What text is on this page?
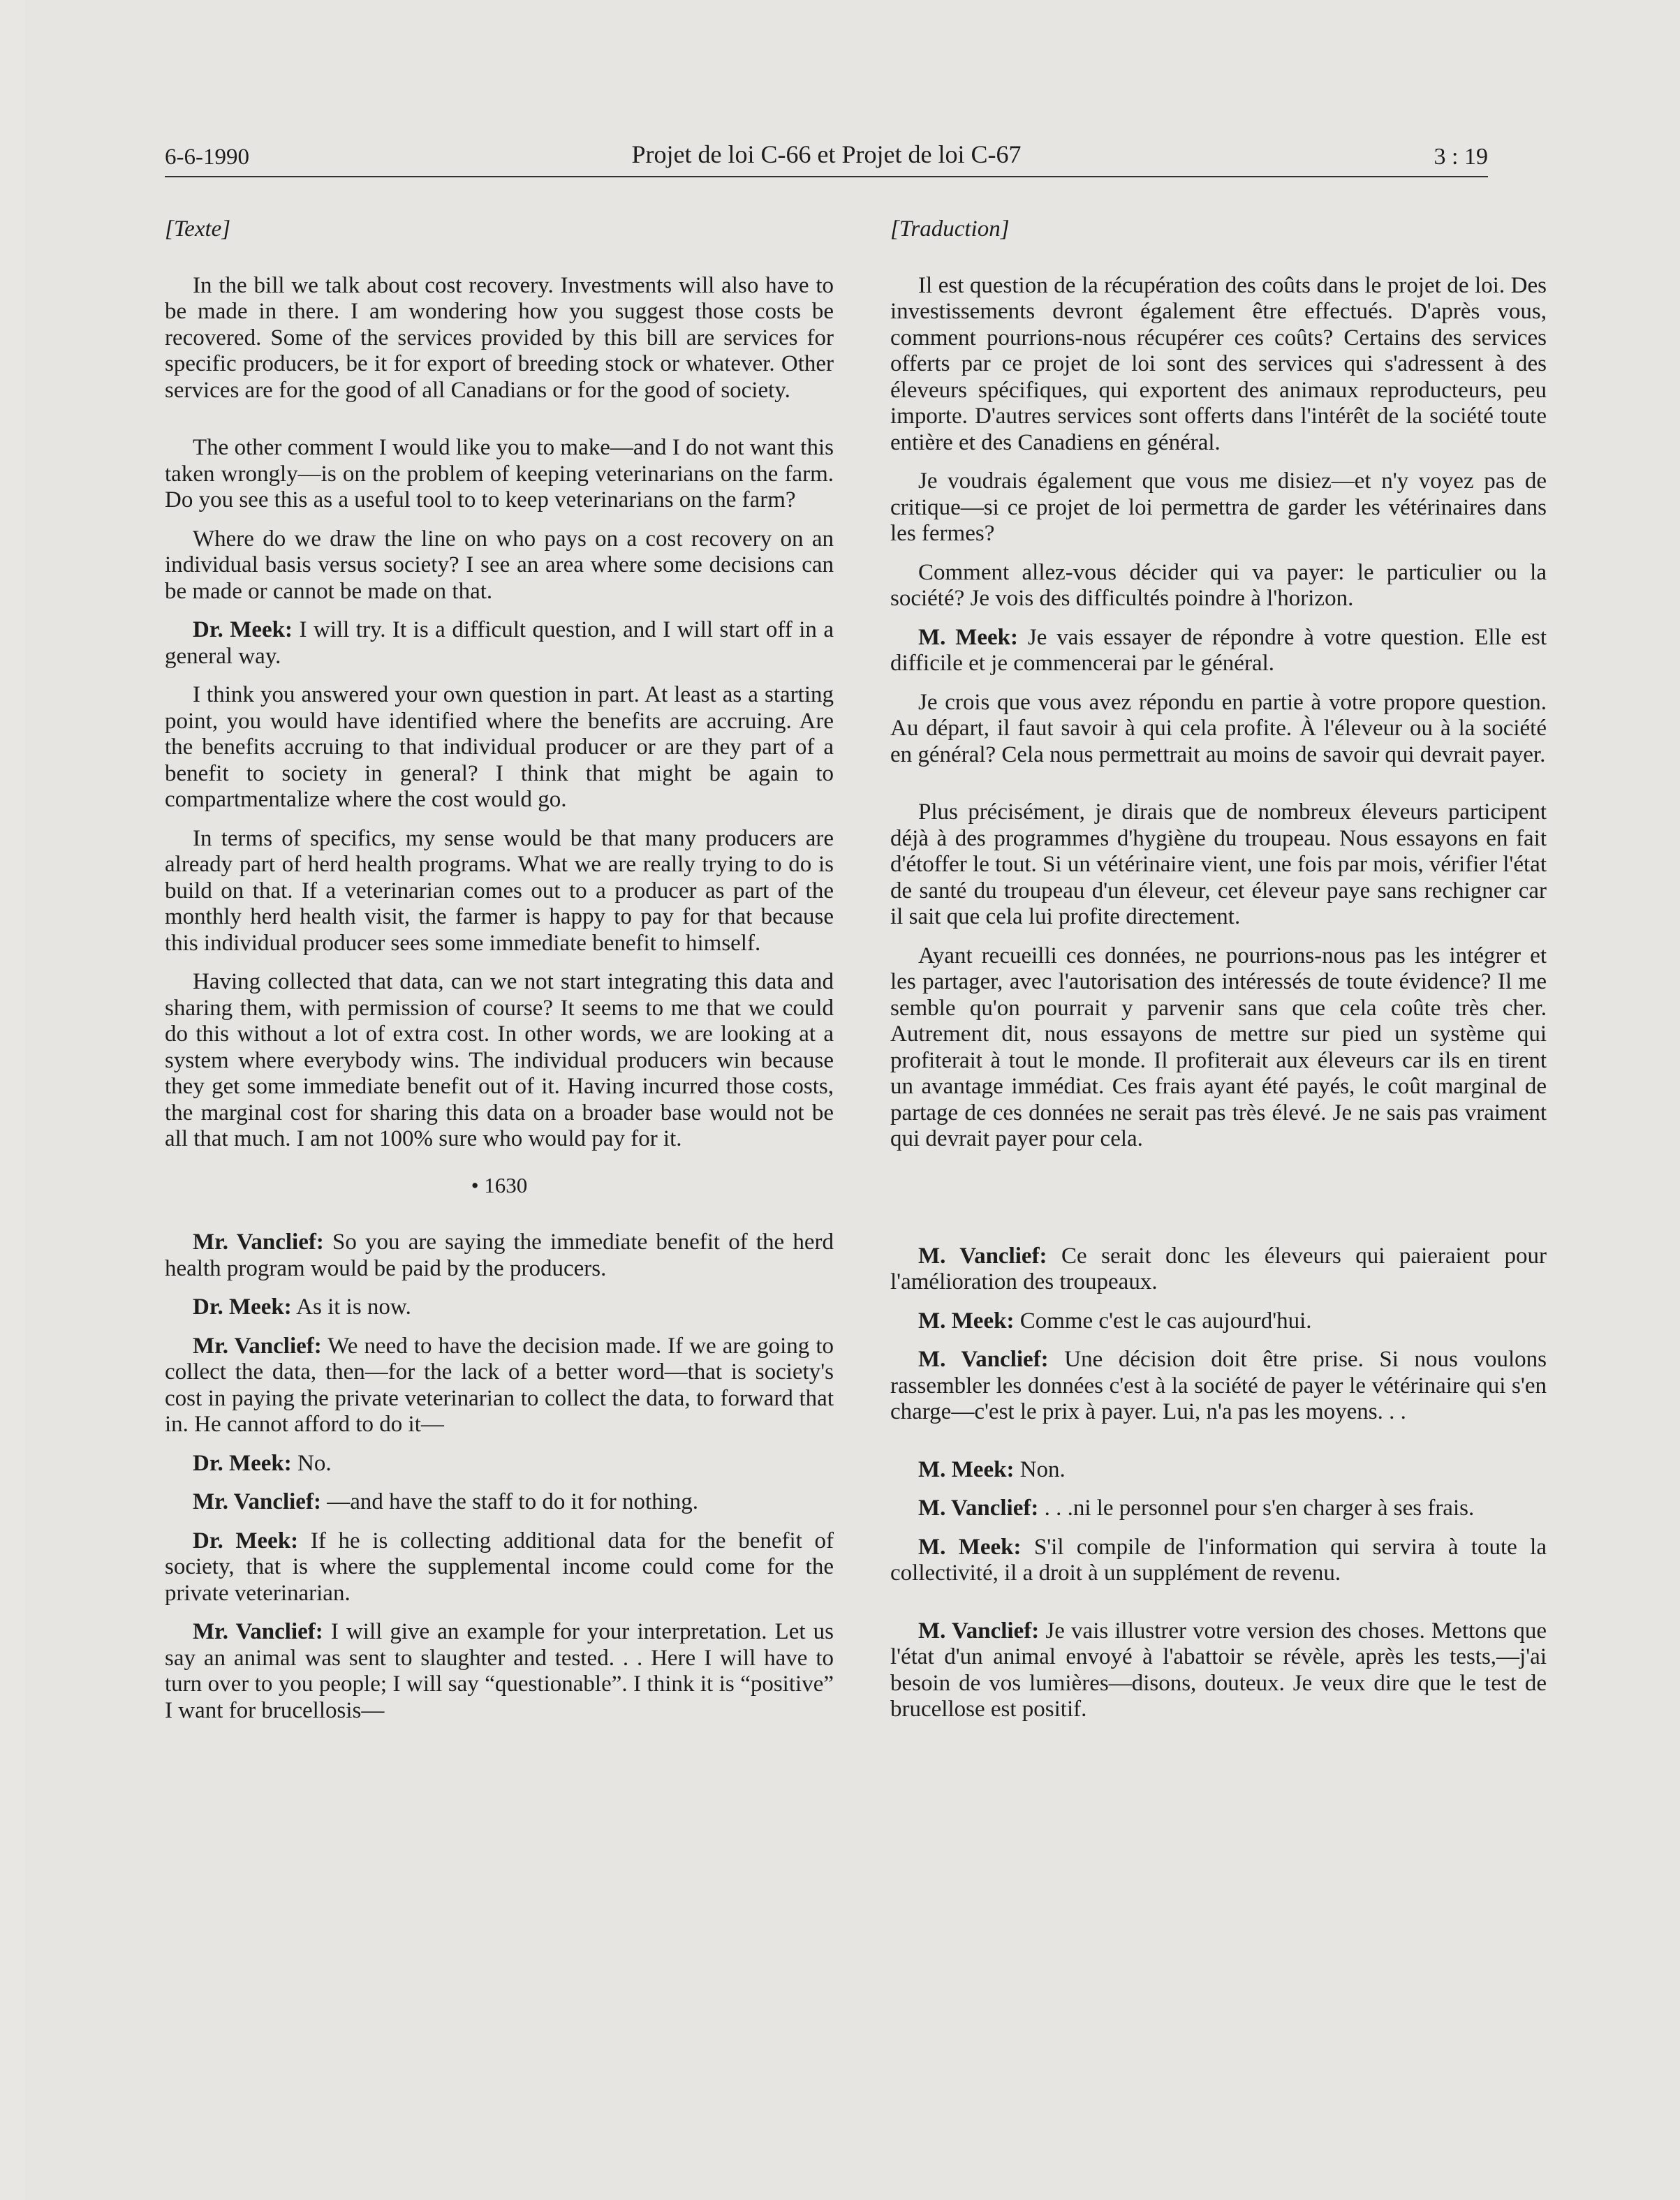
6-6-1990	Projet de loi C-66 et Projet de loi C-67	3 : 19
[Texte]

In the bill we talk about cost recovery. Investments will also have to be made in there. I am wondering how you suggest those costs be recovered. Some of the services provided by this bill are services for specific producers, be it for export of breeding stock or whatever. Other services are for the good of all Canadians or for the good of society.

The other comment I would like you to make—and I do not want this taken wrongly—is on the problem of keeping veterinarians on the farm. Do you see this as a useful tool to to keep veterinarians on the farm?

Where do we draw the line on who pays on a cost recovery on an individual basis versus society? I see an area where some decisions can be made or cannot be made on that.

Dr. Meek: I will try. It is a difficult question, and I will start off in a general way.

I think you answered your own question in part. At least as a starting point, you would have identified where the benefits are accruing. Are the benefits accruing to that individual producer or are they part of a benefit to society in general? I think that might be again to compartmentalize where the cost would go.

In terms of specifics, my sense would be that many producers are already part of herd health programs. What we are really trying to do is build on that. If a veterinarian comes out to a producer as part of the monthly herd health visit, the farmer is happy to pay for that because this individual producer sees some immediate benefit to himself.

Having collected that data, can we not start integrating this data and sharing them, with permission of course? It seems to me that we could do this without a lot of extra cost. In other words, we are looking at a system where everybody wins. The individual producers win because they get some immediate benefit out of it. Having incurred those costs, the marginal cost for sharing this data on a broader base would not be all that much. I am not 100% sure who would pay for it.

• 1630

Mr. Vanclief: So you are saying the immediate benefit of the herd health program would be paid by the producers.

Dr. Meek: As it is now.

Mr. Vanclief: We need to have the decision made. If we are going to collect the data, then—for the lack of a better word—that is society's cost in paying the private veterinarian to collect the data, to forward that in. He cannot afford to do it—

Dr. Meek: No.

Mr. Vanclief: —and have the staff to do it for nothing.

Dr. Meek: If he is collecting additional data for the benefit of society, that is where the supplemental income could come for the private veterinarian.

Mr. Vanclief: I will give an example for your interpretation. Let us say an animal was sent to slaughter and tested. . . Here I will have to turn over to you people; I will say “questionable”. I think it is “positive” I want for brucellosis—

[Traduction]

Il est question de la récupération des coûts dans le projet de loi. Des investissements devront également être effectués. D'après vous, comment pourrions-nous récupérer ces coûts? Certains des services offerts par ce projet de loi sont des services qui s'adressent à des éleveurs spécifiques, qui exportent des animaux reproducteurs, peu importe. D'autres services sont offerts dans l'intérêt de la société toute entière et des Canadiens en général.

Je voudrais également que vous me disiez—et n'y voyez pas de critique—si ce projet de loi permettra de garder les vétérinaires dans les fermes?

Comment allez-vous décider qui va payer: le particulier ou la société? Je vois des difficultés poindre à l'horizon.

M. Meek: Je vais essayer de répondre à votre question. Elle est difficile et je commencerai par le général.

Je crois que vous avez répondu en partie à votre propore question. Au départ, il faut savoir à qui cela profite. À l'éleveur ou à la société en général? Cela nous permettrait au moins de savoir qui devrait payer.

Plus précisément, je dirais que de nombreux éleveurs participent déjà à des programmes d'hygiène du troupeau. Nous essayons en fait d'étoffer le tout. Si un vétérinaire vient, une fois par mois, vérifier l'état de santé du troupeau d'un éleveur, cet éleveur paye sans rechigner car il sait que cela lui profite directement.

Ayant recueilli ces données, ne pourrions-nous pas les intégrer et les partager, avec l'autorisation des intéressés de toute évidence? Il me semble qu'on pourrait y parvenir sans que cela coûte très cher. Autrement dit, nous essayons de mettre sur pied un système qui profiterait à tout le monde. Il profiterait aux éleveurs car ils en tirent un avantage immédiat. Ces frais ayant été payés, le coût marginal de partage de ces données ne serait pas très élevé. Je ne sais pas vraiment qui devrait payer pour cela.

M. Vanclief: Ce serait donc les éleveurs qui paieraient pour l'amélioration des troupeaux.

M. Meek: Comme c'est le cas aujourd'hui.

M. Vanclief: Une décision doit être prise. Si nous voulons rassembler les données c'est à la société de payer le vétérinaire qui s'en charge—c'est le prix à payer. Lui, n'a pas les moyens. . .

M. Meek: Non.

M. Vanclief: . . .ni le personnel pour s'en charger à ses frais.

M. Meek: S'il compile de l'information qui servira à toute la collectivité, il a droit à un supplément de revenu.

M. Vanclief: Je vais illustrer votre version des choses. Mettons que l'état d'un animal envoyé à l'abattoir se révèle, après les tests,—j'ai besoin de vos lumières—disons, douteux. Je veux dire que le test de brucellose est positif.
